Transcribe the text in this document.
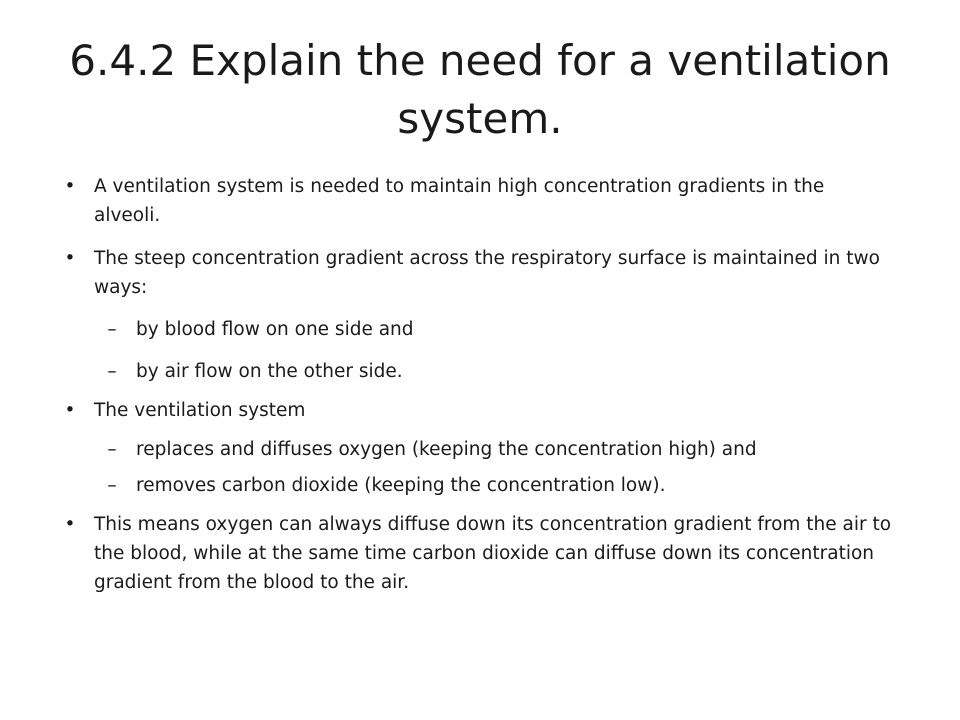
6.4.2 Explain the need for a ventilation system.
• A ventilation system is needed to maintain high concentration gradients in the alveoli.
• The steep concentration gradient across the respiratory surface is maintained in two ways:
–	by blood flow on one side and
–	by air flow on the other side.
• The ventilation system
–	replaces and diffuses oxygen (keeping the concentration high) and
–	removes carbon dioxide (keeping the concentration low).
• This means oxygen can always diffuse down its concentration gradient from the air to the blood, while at the same time carbon dioxide can diffuse down its concentration gradient from the blood to the air.
